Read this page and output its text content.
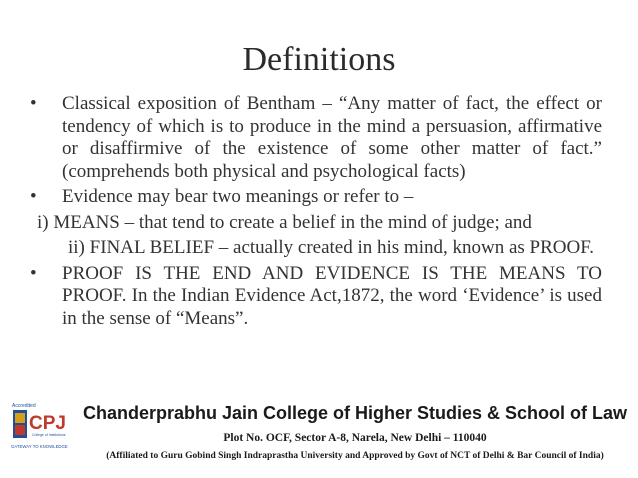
Definitions
•	Classical exposition of Bentham – “Any matter of fact, the effect or tendency of which is to produce in the mind a persuasion, affirmative or disaffirmive of the existence of some other matter of fact.” (comprehends both physical and psychological facts)
•	Evidence may bear two meanings or refer to –
i) MEANS – that tend to create a belief in the mind of judge; and
ii) FINAL BELIEF – actually created in his mind, known as PROOF.
•	PROOF IS THE END AND EVIDENCE IS THE MEANS TO PROOF. In the Indian Evidence Act,1872, the word ‘Evidence’ is used in the sense of “Means”.
Accredited
CPJ
College of Institutions
GATEWAY TO KNOWLEDGE
Chanderprabhu Jain College of Higher Studies & School of Law
Plot No. OCF, Sector A-8, Narela, New Delhi – 110040
(Affiliated to Guru Gobind Singh Indraprastha University and Approved by Govt of NCT of Delhi & Bar Council of India)
